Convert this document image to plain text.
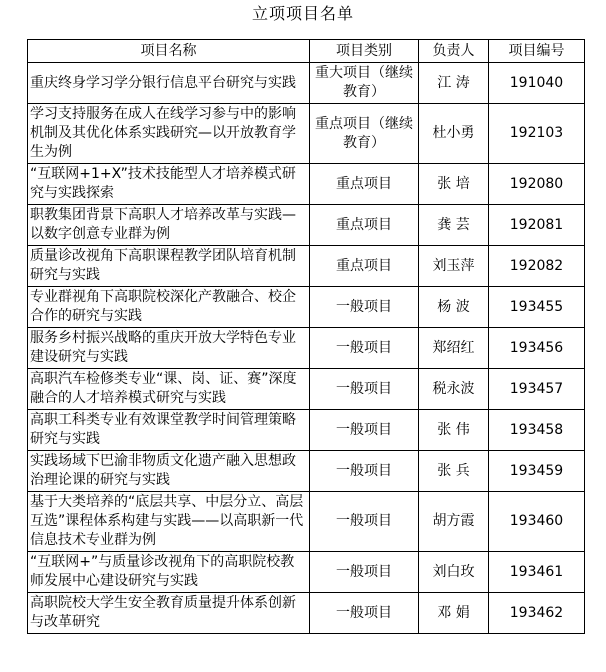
立项项目名单
项目名称	项目类别	负责人	项目编号
重庆终身学习学分银行信息平台研究与实践	重大项目（继续教育）	江 涛	191040
学习支持服务在成人在线学习参与中的影响机制及其优化体系实践研究—以开放教育学生为例	重点项目（继续教育）	杜小勇	192103
“互联网+1+X”技术技能型人才培养模式研究与实践探索	重点项目	张 培	192080
职教集团背景下高职人才培养改革与实践—以数字创意专业群为例	重点项目	龚 芸	192081
质量诊改视角下高职课程教学团队培育机制研究与实践	重点项目	刘玉萍	192082
专业群视角下高职院校深化产教融合、校企合作的研究与实践	一般项目	杨 波	193455
服务乡村振兴战略的重庆开放大学特色专业建设研究与实践	一般项目	郑绍红	193456
高职汽车检修类专业“课、岗、证、赛”深度融合的人才培养模式研究与实践	一般项目	税永波	193457
高职工科类专业有效课堂教学时间管理策略研究与实践	一般项目	张 伟	193458
实践场域下巴渝非物质文化遗产融入思想政治理论课的研究与实践	一般项目	张 兵	193459
基于大类培养的“底层共享、中层分立、高层互选”课程体系构建与实践——以高职新一代信息技术专业群为例	一般项目	胡方霞	193460
“互联网+”与质量诊改视角下的高职院校教师发展中心建设研究与实践	一般项目	刘白玫	193461
高职院校大学生安全教育质量提升体系创新与改革研究	一般项目	邓 娟	193462
